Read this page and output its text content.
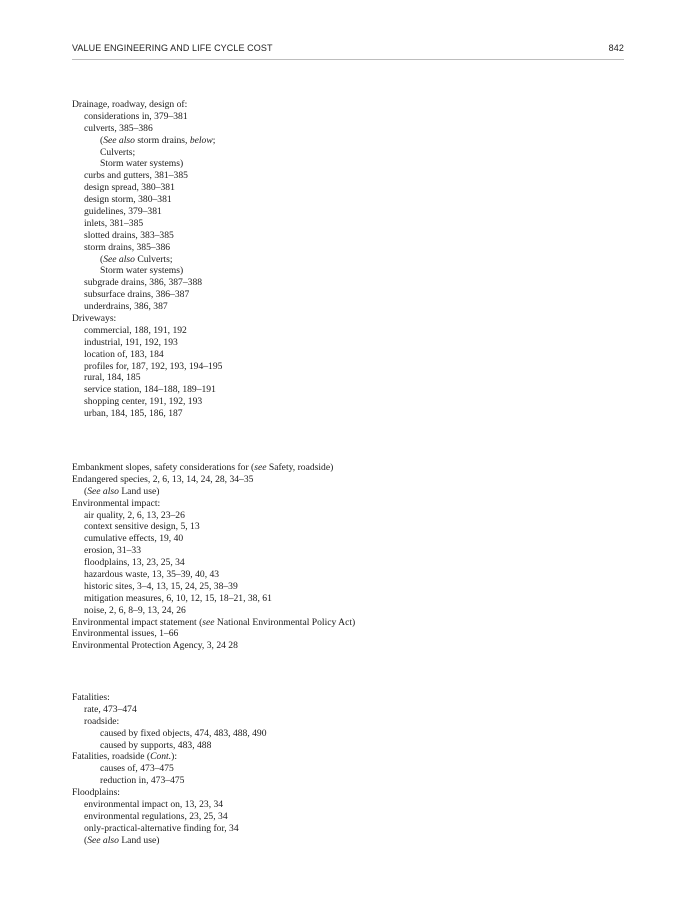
VALUE ENGINEERING AND LIFE CYCLE COST	842
Drainage, roadway, design of:
considerations in, 379–381
culverts, 385–386
(See also storm drains, below;
Culverts;
Storm water systems)
curbs and gutters, 381–385
design spread, 380–381
design storm, 380–381
guidelines, 379–381
inlets, 381–385
slotted drains, 383–385
storm drains, 385–386
(See also Culverts;
Storm water systems)
subgrade drains, 386, 387–388
subsurface drains, 386–387
underdrains, 386, 387
Driveways:
commercial, 188, 191, 192
industrial, 191, 192, 193
location of, 183, 184
profiles for, 187, 192, 193, 194–195
rural, 184, 185
service station, 184–188, 189–191
shopping center, 191, 192, 193
urban, 184, 185, 186, 187
Embankment slopes, safety considerations for (see Safety, roadside)
Endangered species, 2, 6, 13, 14, 24, 28, 34–35
(See also Land use)
Environmental impact:
air quality, 2, 6, 13, 23–26
context sensitive design, 5, 13
cumulative effects, 19, 40
erosion, 31–33
floodplains, 13, 23, 25, 34
hazardous waste, 13, 35–39, 40, 43
historic sites, 3–4, 13, 15, 24, 25, 38–39
mitigation measures, 6, 10, 12, 15, 18–21, 38, 61
noise, 2, 6, 8–9, 13, 24, 26
Environmental impact statement (see National Environmental Policy Act)
Environmental issues, 1–66
Environmental Protection Agency, 3, 24 28
Fatalities:
rate, 473–474
roadside:
caused by fixed objects, 474, 483, 488, 490
caused by supports, 483, 488
Fatalities, roadside (Cont.):
causes of, 473–475
reduction in, 473–475
Floodplains:
environmental impact on, 13, 23, 34
environmental regulations, 23, 25, 34
only-practical-alternative finding for, 34
(See also Land use)
